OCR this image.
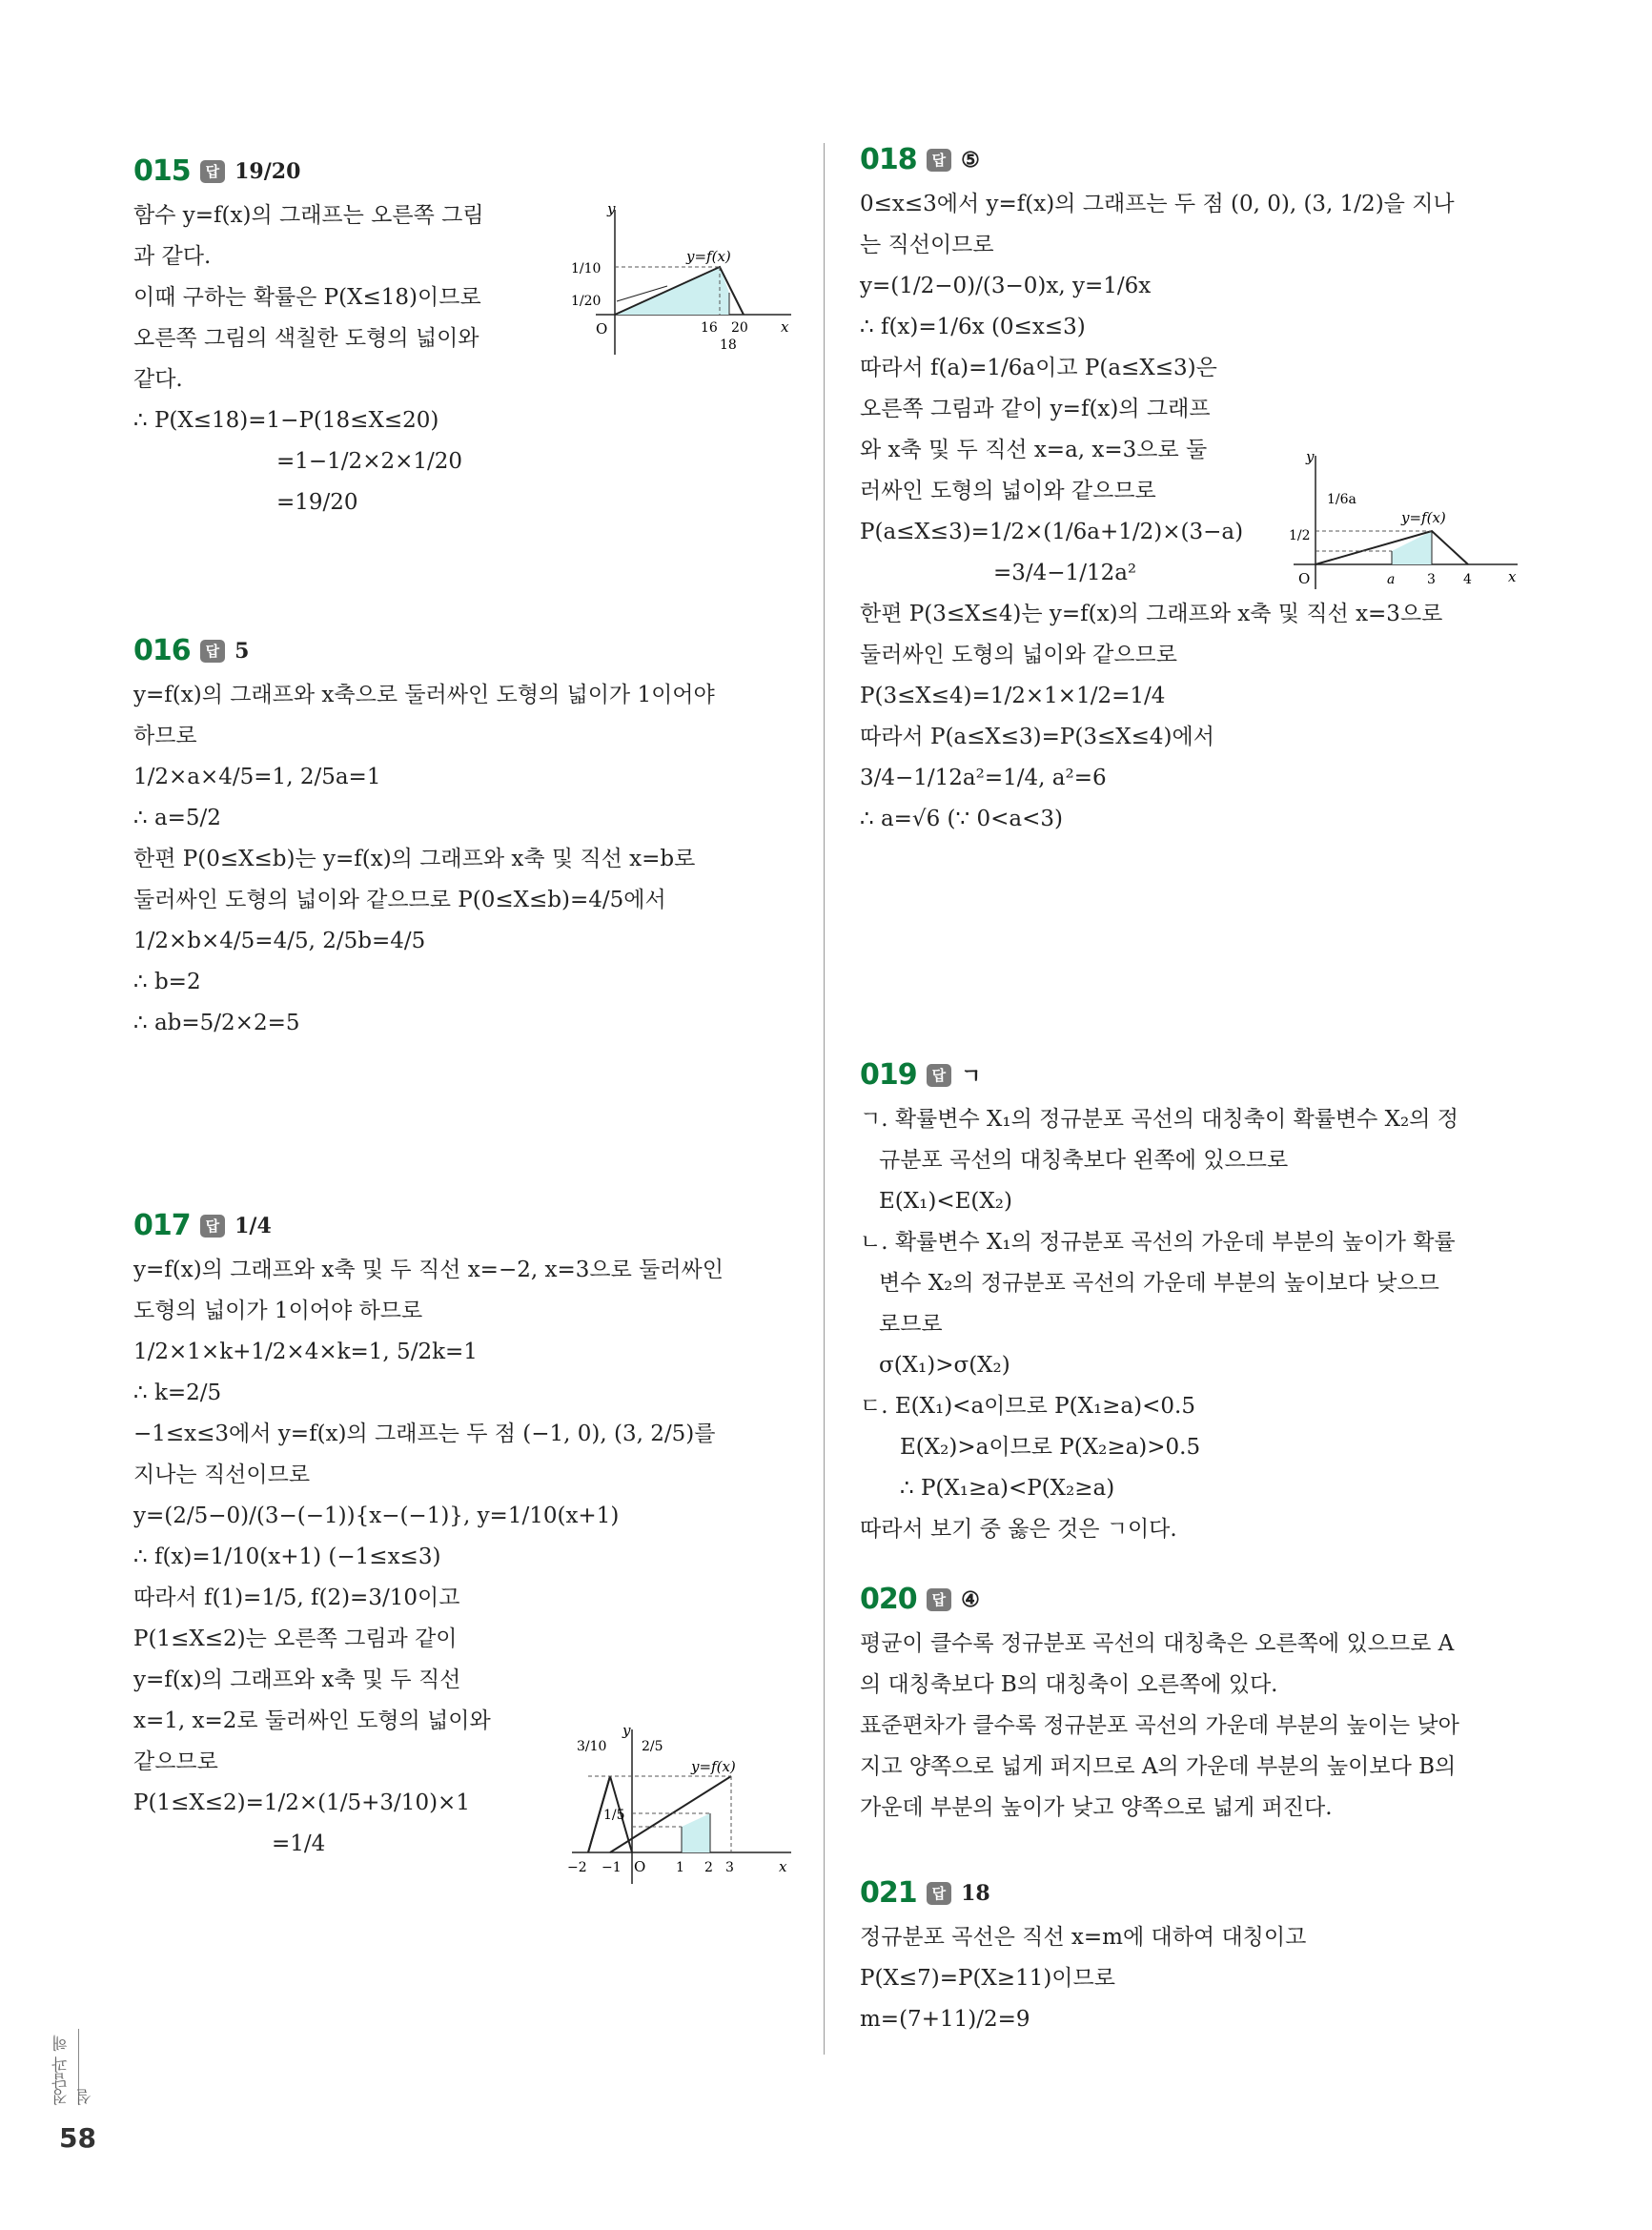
015	답 19/20
함수 y=f(x)의 그래프는 오른쪽 그림
과 같다.
이때 구하는 확률은 P(X≤18)이므로
오른쪽 그림의 색칠한 도형의 넓이와
같다.
∴ P(X≤18)=1−P(18≤X≤20)
=1−1/2×2×1/20
=19/20
y
x
O
y=f(x)
1/10
1/20
16 20
18
016	답 5
y=f(x)의 그래프와 x축으로 둘러싸인 도형의 넓이가 1이어야
하므로
1/2×a×4/5=1, 2/5a=1
∴ a=5/2
한편 P(0≤X≤b)는 y=f(x)의 그래프와 x축 및 직선 x=b로
둘러싸인 도형의 넓이와 같으므로 P(0≤X≤b)=4/5에서
1/2×b×4/5=4/5, 2/5b=4/5
∴ b=2
∴ ab=5/2×2=5
017	답 1/4
y=f(x)의 그래프와 x축 및 두 직선 x=−2, x=3으로 둘러싸인
도형의 넓이가 1이어야 하므로
1/2×1×k+1/2×4×k=1, 5/2k=1
∴ k=2/5
−1≤x≤3에서 y=f(x)의 그래프는 두 점 (−1, 0), (3, 2/5)를
지나는 직선이므로
y=(2/5−0)/(3−(−1)){x−(−1)}, y=1/10(x+1)
∴ f(x)=1/10(x+1) (−1≤x≤3)
따라서 f(1)=1/5, f(2)=3/10이고
P(1≤X≤2)는 오른쪽 그림과 같이
y=f(x)의 그래프와 x축 및 두 직선
x=1, x=2로 둘러싸인 도형의 넓이와
같으므로
P(1≤X≤2)=1/2×(1/5+3/10)×1
=1/4
y
x
O
y=f(x)
3/10	2/5
1/5
−2 −1	1 2 3
018	답 ⑤
0≤x≤3에서 y=f(x)의 그래프는 두 점 (0, 0), (3, 1/2)을 지나
는 직선이므로
y=(1/2−0)/(3−0)x, y=1/6x
∴ f(x)=1/6x (0≤x≤3)
따라서 f(a)=1/6a이고 P(a≤X≤3)은
오른쪽 그림과 같이 y=f(x)의 그래프
와 x축 및 두 직선 x=a, x=3으로 둘
러싸인 도형의 넓이와 같으므로
P(a≤X≤3)=1/2×(1/6a+1/2)×(3−a)
=3/4−1/12a²
한편 P(3≤X≤4)는 y=f(x)의 그래프와 x축 및 직선 x=3으로
둘러싸인 도형의 넓이와 같으므로
P(3≤X≤4)=1/2×1×1/2=1/4
따라서 P(a≤X≤3)=P(3≤X≤4)에서
3/4−1/12a²=1/4, a²=6
∴ a=√6 (∵ 0<a<3)
y
x
O
y=f(x)
1/6a
1/2
a 3 4
019	답 ㄱ
ㄱ. 확률변수 X₁의 정규분포 곡선의 대칭축이 확률변수 X₂의 정
규분포 곡선의 대칭축보다 왼쪽에 있으므로
E(X₁)<E(X₂)
ㄴ. 확률변수 X₁의 정규분포 곡선의 가운데 부분의 높이가 확률
변수 X₂의 정규분포 곡선의 가운데 부분의 높이보다 낮으므
로므로
σ(X₁)>σ(X₂)
ㄷ. E(X₁)<a이므로 P(X₁≥a)<0.5
E(X₂)>a이므로 P(X₂≥a)>0.5
∴ P(X₁≥a)<P(X₂≥a)
따라서 보기 중 옳은 것은 ㄱ이다.
020	답 ④
평균이 클수록 정규분포 곡선의 대칭축은 오른쪽에 있으므로 A
의 대칭축보다 B의 대칭축이 오른쪽에 있다.
표준편차가 클수록 정규분포 곡선의 가운데 부분의 높이는 낮아
지고 양쪽으로 넓게 퍼지므로 A의 가운데 부분의 높이보다 B의
가운데 부분의 높이가 낮고 양쪽으로 넓게 퍼진다.
021	답 18
정규분포 곡선은 직선 x=m에 대하여 대칭이고
P(X≤7)=P(X≥11)이므로
m=(7+11)/2=9
정답과 해설
58
